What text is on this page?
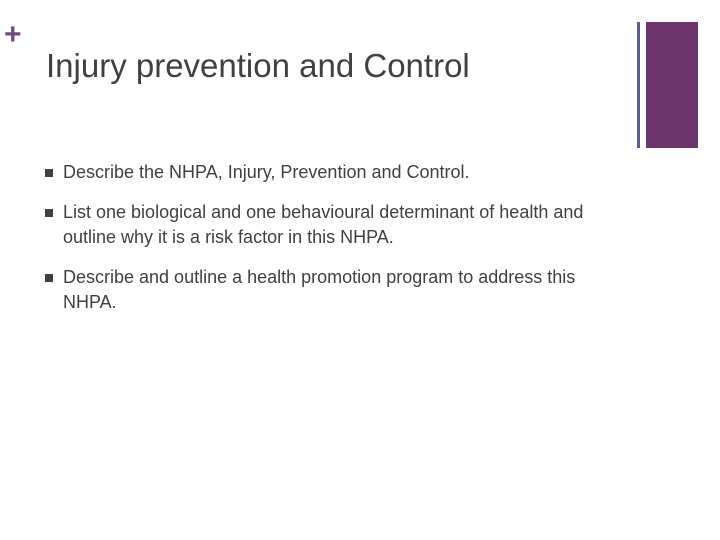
+
Injury prevention and Control
Describe the NHPA, Injury, Prevention and Control.
List one biological and one behavioural determinant of health and outline why it is a risk factor in this NHPA.
Describe and outline a health promotion program to address this NHPA.
